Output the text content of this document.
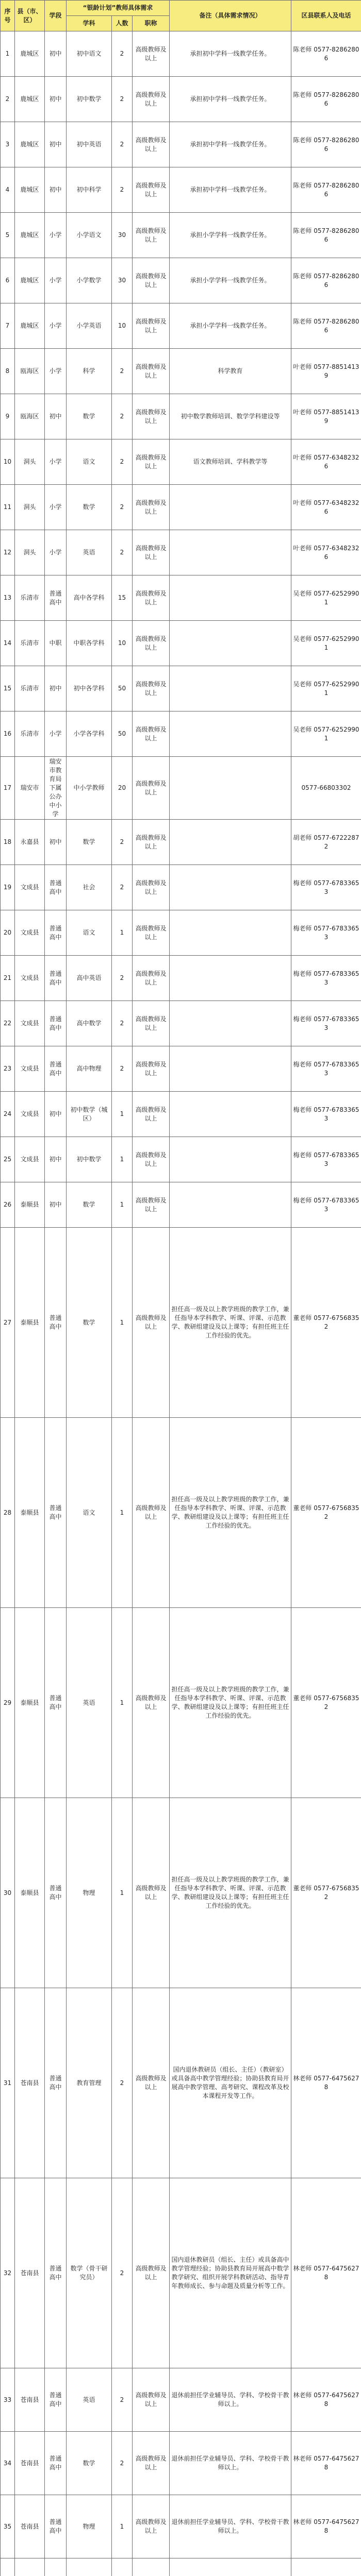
序号	县（市、区）	学段	“银龄计划”教师具体需求			备注（具体需求情况）	区县联系人及电话
			学科	人数	职称		
1	鹿城区	初中	初中语文	2	高级教师及以上	承担初中学科一线教学任务。	陈老师 0577-82862806
2	鹿城区	初中	初中数学	2	高级教师及以上	承担初中学科一线教学任务。	陈老师 0577-82862806
3	鹿城区	初中	初中英语	2	高级教师及以上	承担初中学科一线教学任务。	陈老师 0577-82862806
4	鹿城区	初中	初中科学	2	高级教师及以上	承担初中学科一线教学任务。	陈老师 0577-82862806
5	鹿城区	小学	小学语文	30	高级教师及以上	承担小学学科一线教学任务。	陈老师 0577-82862806
6	鹿城区	小学	小学数学	30	高级教师及以上	承担小学学科一线教学任务。	陈老师 0577-82862806
7	鹿城区	小学	小学英语	10	高级教师及以上	承担小学学科一线教学任务。	陈老师 0577-82862806
8	瓯海区	小学	科学	2	高级教师及以上	科学教育	叶老师 0577-88514139
9	瓯海区	初中	数学	2	高级教师及以上	初中数学教师培训、数学学科建设等	叶老师 0577-88514139
10	洞头	小学	语文	2	高级教师及以上	语文教师培训、学科教学等	叶老师 0577-63482326
11	洞头	小学	数学	2	高级教师及以上		叶老师 0577-63482326
12	洞头	小学	英语	2	高级教师及以上		叶老师 0577-63482326
13	乐清市	普通高中	高中各学科	15	高级教师及以上		吴老师 0577-62529901
14	乐清市	中职	中职各学科	10	高级教师及以上		吴老师 0577-62529901
15	乐清市	初中	初中各学科	50	高级教师及以上		吴老师 0577-62529901
16	乐清市	小学	小学各学科	50	高级教师及以上		吴老师 0577-62529901
17	瑞安市	瑞安市教育局下属公办中小学	中小学教师	20	高级教师及以上		0577-66803302
18	永嘉县	初中	数学	2	高级教师及以上		胡老师 0577-67222872
19	文成县	普通高中	社会	2	高级教师及以上		梅老师 0577-67833653
20	文成县	普通高中	语文	1	高级教师及以上		梅老师 0577-67833653
21	文成县	普通高中	高中英语	2	高级教师及以上		梅老师 0577-67833653
22	文成县	普通高中	高中数学	2	高级教师及以上		梅老师 0577-67833653
23	文成县	普通高中	高中物理	2	高级教师及以上		梅老师 0577-67833653
24	文成县	初中	初中数学（城区）	1	高级教师及以上		梅老师 0577-67833653
25	文成县	初中	初中数学	1	高级教师及以上		梅老师 0577-67833653
26	泰顺县	初中	数学	1	高级教师及以上		梅老师 0577-67833653
27	泰顺县	普通高中	数学	1	高级教师及以上	担任高一级及以上教学班级的教学工作，兼任指导本学科教学、听课、评课、示范教学、教研组建设及以上课等；有担任班主任工作经验的优先。	董老师 0577-67568352
28	泰顺县	普通高中	语文	1	高级教师及以上	担任高一级及以上教学班级的教学工作，兼任指导本学科教学、听课、评课、示范教学、教研组建设及以上课等；有担任班主任工作经验的优先。	董老师 0577-67568352
29	泰顺县	普通高中	英语	1	高级教师及以上	担任高一级及以上教学班级的教学工作，兼任指导本学科教学、听课、评课、示范教学、教研组建设及以上课等；有担任班主任工作经验的优先。	董老师 0577-67568352
30	泰顺县	普通高中	物理	1	高级教师及以上	担任高一级及以上教学班级的教学工作，兼任指导本学科教学、听课、评课、示范教学、教研组建设及以上课等；有担任班主任工作经验的优先。	董老师 0577-67568352
31	苍南县	普通高中	教育管理	2	高级教师及以上	国内退休教研员（组长、主任）（教研室）或具备高中教学管理经验；协助县教育局开展高中教学管理、高考研究、课程改革及校本课程开发等工作。	林老师 0577-64756278
32	苍南县	普通高中	数学（骨干研究员）	2	高级教师及以上	国内退休教研员（组长、主任）或具备高中教学管理经验；协助县教育局开展高中数学教学研究、组织开展学科教研活动、指导青年教师成长、参与命题及质量分析等工作。	林老师 0577-64756278
33	苍南县	普通高中	英语	2	高级教师及以上	退休前担任学业辅导员、学科、学校骨干教师以上。	林老师 0577-64756278
34	苍南县	普通高中	数学	2	高级教师及以上	退休前担任学业辅导员、学科、学校骨干教师以上。	林老师 0577-64756278
35	苍南县	普通高中	物理	1	高级教师及以上	退休前担任学业辅导员、学科、学校骨干教师以上。	林老师 0577-64756278
